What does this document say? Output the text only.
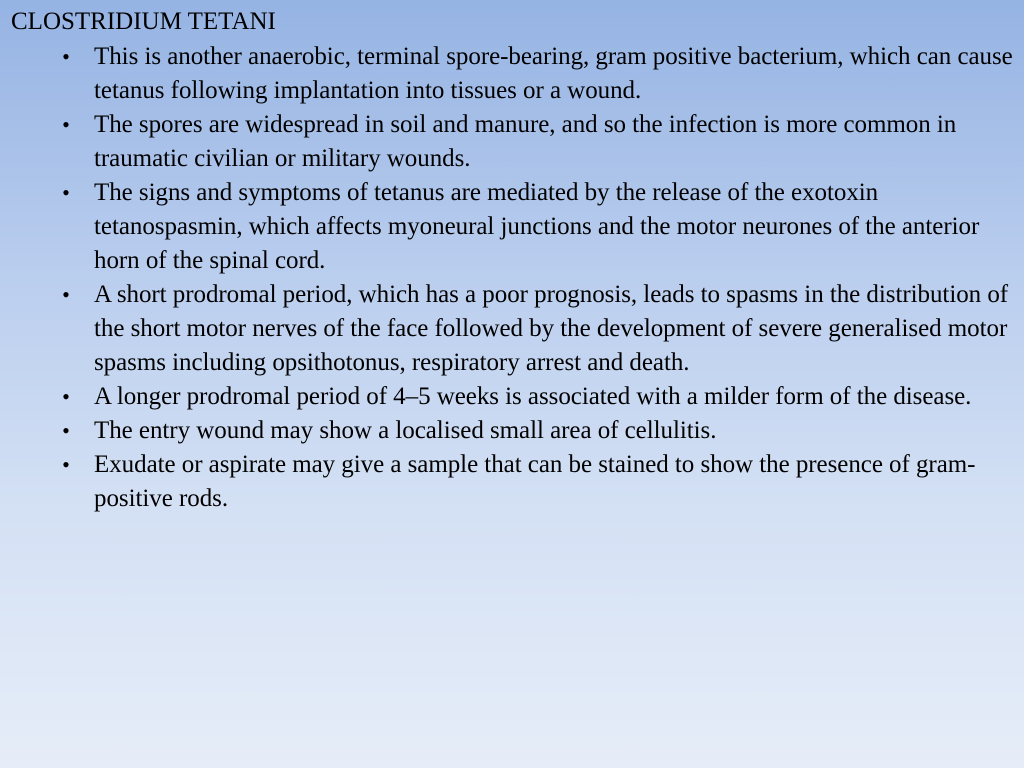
CLOSTRIDIUM TETANI
• This is another anaerobic, terminal spore-bearing, gram positive bacterium, which can cause tetanus following implantation into tissues or a wound.
• The spores are widespread in soil and manure, and so the infection is more common in traumatic civilian or military wounds.
• The signs and symptoms of tetanus are mediated by the release of the exotoxin tetanospasmin, which affects myoneural junctions and the motor neurones of the anterior horn of the spinal cord.
• A short prodromal period, which has a poor prognosis, leads to spasms in the distribution of the short motor nerves of the face followed by the development of severe generalised motor spasms including opsithotonus, respiratory arrest and death.
• A longer prodromal period of 4–5 weeks is associated with a milder form of the disease.
• The entry wound may show a localised small area of cellulitis.
• Exudate or aspirate may give a sample that can be stained to show the presence of gram-positive rods.
